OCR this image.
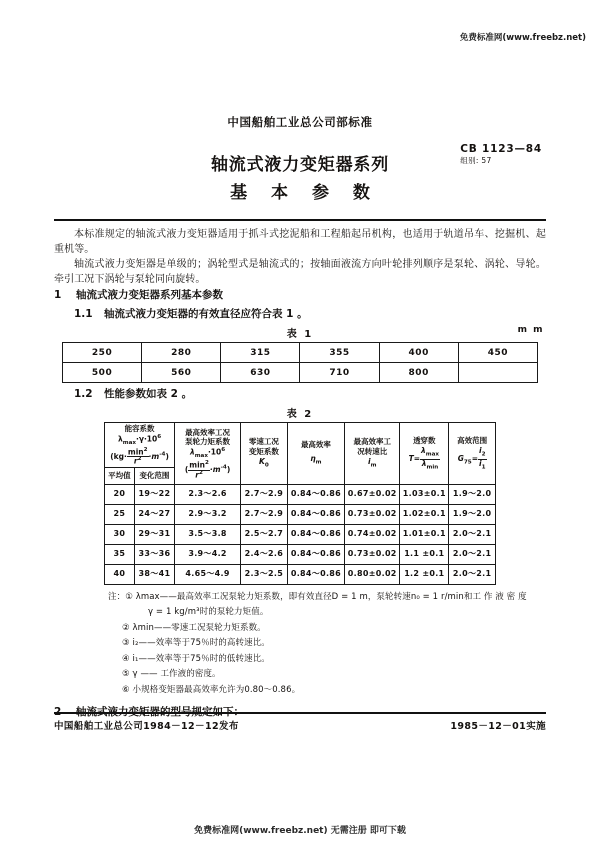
免费标准网(www.freebz.net)
中国船舶工业总公司部标准
轴流式液力变矩器系列
基 本 参 数
CB 1123—84
组别: 57

本标准规定的轴流式液力变矩器适用于抓斗式挖泥船和工程船起吊机构，也适用于轨道吊车、挖掘机、起重机等。

轴流式液力变矩器是单级的；涡轮型式是轴流式的；按轴面液流方向叶轮排列顺序是泵轮、涡轮、导轮。牵引工况下涡轮与泵轮同向旋转。

1 轴流式液力变矩器系列基本参数
1.1 轴流式液力变矩器的有效直径应符合表 1 。
表 1	m m
250	280	315	355	400	450
500	560	630	710	800	
1.2 性能参数如表 2 。
表 2
能容系数$\lambda_{max}\cdot\gamma\cdot 10^6$
$(kg\cdot \frac{\min^2}{r^2} \cdot m^{-4})$

最高效率工况
泵轮力矩系数
$\lambda_{max}\cdot 10^6$
( $\frac{\min^2}{r^2} \cdot m^{-4}$)

零速工况
变矩系数
$K_0$

最高效率
$\eta_m$

最高效率工
况转速比
$i_m$

透穿数
$T= \frac{\lambda_{max}}{\lambda_{min}}$

高效范围
$G_{75}= \frac{i_2}{i_1}$

平均值	变化范围						
20	19～22	2.3～2.6	2.7～2.9	0.84～0.86	0.67±0.02	1.03±0.1	1.9～2.0
25	24～27	2.9～3.2	2.7～2.9	0.84～0.86	0.73±0.02	1.02±0.1	1.9～2.0
30	29～31	3.5～3.8	2.5～2.7	0.84～0.86	0.74±0.02	1.01±0.1	2.0～2.1
35	33～36	3.9～4.2	2.4～2.6	0.84～0.86	0.73±0.02	1.1 ±0.1	2.0～2.1
40	38～41	4.65～4.9	2.3～2.5	0.84～0.86	0.80±0.02	1.2 ±0.1	2.0～2.1
注：① λmax——最高效率工况泵轮力矩系数，即有效直径D = 1 m，泵轮转速n₀ = 1 r/min和工 作 液 密 度
γ = 1 kg/m³时的泵轮力矩值。
② λmin——零速工况泵轮力矩系数。
③ i₂——效率等于75％时的高转速比。
④ i₁——效率等于75％时的低转速比。
⑤ γ —— 工作液的密度。
⑥ 小规格变矩器最高效率允许为0.80～0.86。
中国船舶工业总公司1984－12－12发布	1985－12－01实施
免费标准网(www.freebz.net) 无需注册 即可下载
